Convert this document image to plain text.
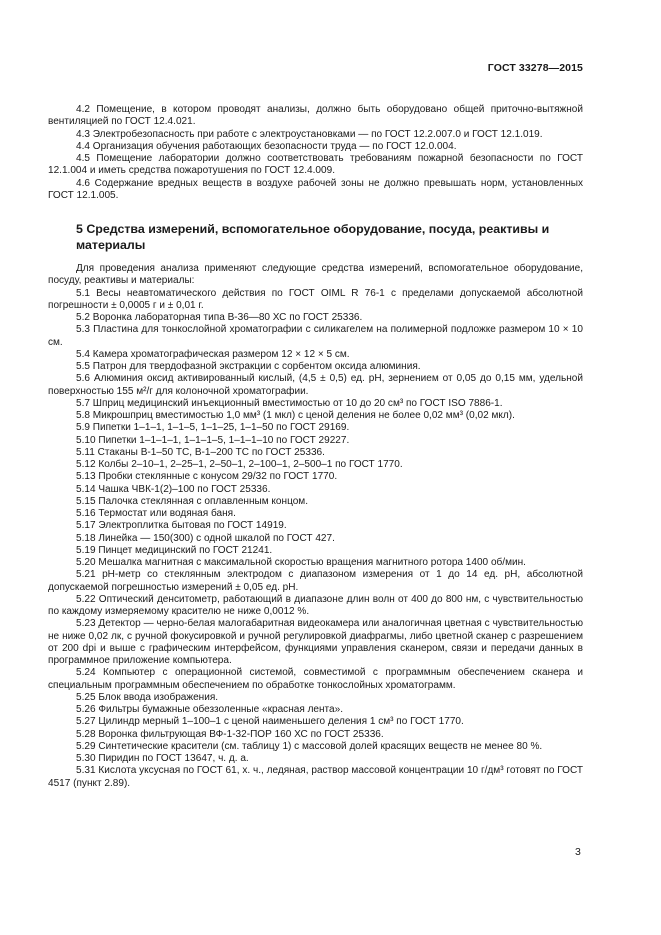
ГОСТ 33278—2015

4.2 Помещение, в котором проводят анализы, должно быть оборудовано общей приточно-вытяжной вентиляцией по ГОСТ 12.4.021.

4.3 Электробезопасность при работе с электроустановками — по ГОСТ 12.2.007.0 и ГОСТ 12.1.019.

4.4 Организация обучения работающих безопасности труда — по ГОСТ 12.0.004.

4.5 Помещение лаборатории должно соответствовать требованиям пожарной безопасности по ГОСТ 12.1.004 и иметь средства пожаротушения по ГОСТ 12.4.009.

4.6 Содержание вредных веществ в воздухе рабочей зоны не должно превышать норм, установленных ГОСТ 12.1.005.

5 Средства измерений, вспомогательное оборудование, посуда, реактивы и материалы

Для проведения анализа применяют следующие средства измерений, вспомогательное оборудование, посуду, реактивы и материалы:

5.1 Весы неавтоматического действия по ГОСТ OIML R 76-1 с пределами допускаемой абсолютной погрешности ± 0,0005 г и ± 0,01 г.

5.2 Воронка лабораторная типа В-36—80 ХС по ГОСТ 25336.

5.3 Пластина для тонкослойной хроматографии с силикагелем на полимерной подложке размером 10 × 10 см.

5.4 Камера хроматографическая размером 12 × 12 × 5 см.

5.5 Патрон для твердофазной экстракции с сорбентом оксида алюминия.

5.6 Алюминия оксид активированный кислый, (4,5 ± 0,5) ед. pH, зернением от 0,05 до 0,15 мм, удельной поверхностью 155 м²/г для колоночной хроматографии.

5.7 Шприц медицинский инъекционный вместимостью от 10 до 20 см³ по ГОСТ ISO 7886-1.

5.8 Микрошприц вместимостью 1,0 мм³ (1 мкл) с ценой деления не более 0,02 мм³ (0,02 мкл).

5.9 Пипетки 1–1–1, 1–1–5, 1–1–25, 1–1–50 по ГОСТ 29169.

5.10 Пипетки 1–1–1–1, 1–1–1–5, 1–1–1–10 по ГОСТ 29227.

5.11 Стаканы В-1–50 ТС, В-1–200 ТС по ГОСТ 25336.

5.12 Колбы 2–10–1, 2–25–1, 2–50–1, 2–100–1, 2–500–1 по ГОСТ 1770.

5.13 Пробки стеклянные с конусом 29/32 по ГОСТ 1770.

5.14 Чашка ЧВК-1(2)–100 по ГОСТ 25336.

5.15 Палочка стеклянная с оплавленным концом.

5.16 Термостат или водяная баня.

5.17 Электроплитка бытовая по ГОСТ 14919.

5.18 Линейка — 150(300) с одной шкалой по ГОСТ 427.

5.19 Пинцет медицинский по ГОСТ 21241.

5.20 Мешалка магнитная с максимальной скоростью вращения магнитного ротора 1400 об/мин.

5.21 pH-метр со стеклянным электродом с диапазоном измерения от 1 до 14 ед. pH, абсолютной допускаемой погрешностью измерений ± 0,05 ед. pH.

5.22 Оптический денситометр, работающий в диапазоне длин волн от 400 до 800 нм, с чувствительностью по каждому измеряемому красителю не ниже 0,0012 %.

5.23 Детектор — черно-белая малогабаритная видеокамера или аналогичная цветная с чувствительностью не ниже 0,02 лк, с ручной фокусировкой и ручной регулировкой диафрагмы, либо цветной сканер с разрешением от 200 dpi и выше с графическим интерфейсом, функциями управления сканером, связи и передачи данных в программное приложение компьютера.

5.24 Компьютер с операционной системой, совместимой с программным обеспечением сканера и специальным программным обеспечением по обработке тонкослойных хроматограмм.

5.25 Блок ввода изображения.

5.26 Фильтры бумажные обеззоленные «красная лента».

5.27 Цилиндр мерный 1–100–1 с ценой наименьшего деления 1 см³ по ГОСТ 1770.

5.28 Воронка фильтрующая ВФ-1-32-ПОР 160 ХС по ГОСТ 25336.

5.29 Синтетические красители (см. таблицу 1) с массовой долей красящих веществ не менее 80 %.

5.30 Пиридин по ГОСТ 13647, ч. д. а.

5.31 Кислота уксусная по ГОСТ 61, х. ч., ледяная, раствор массовой концентрации 10 г/дм³ готовят по ГОСТ 4517 (пункт 2.89).

3
